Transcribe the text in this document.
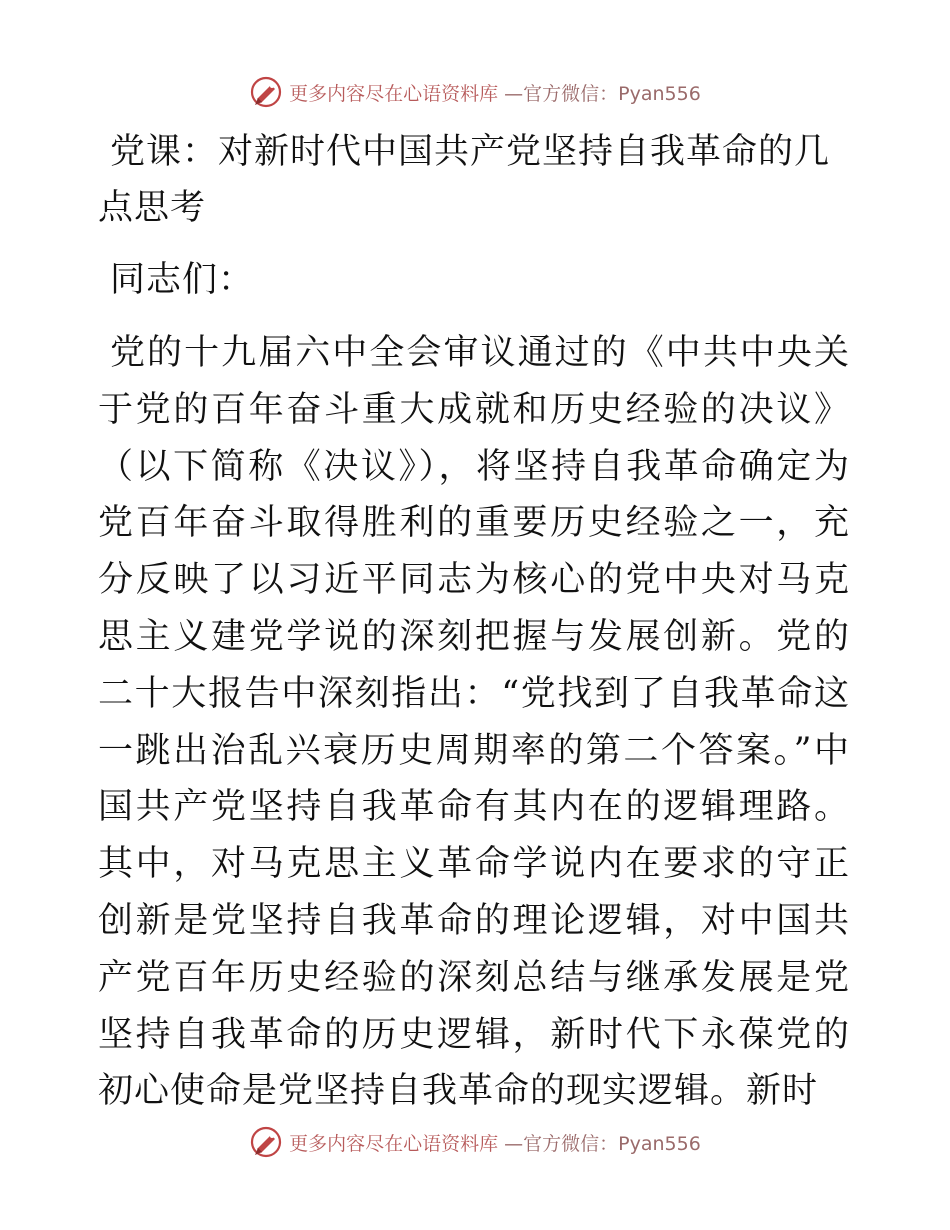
更多内容尽在心语资料库 —官方微信：Pyan556
党课：对新时代中国共产党坚持自我革命的几点思考
同志们：

党的十九届六中全会审议通过的《中共中央关于党的百年奋斗重大成就和历史经验的决议》（以下简称《决议》），将坚持自我革命确定为党百年奋斗取得胜利的重要历史经验之一，充分反映了以习近平同志为核心的党中央对马克思主义建党学说的深刻把握与发展创新。党的二十大报告中深刻指出：“党找到了自我革命这一跳出治乱兴衰历史周期率的第二个答案。”中国共产党坚持自我革命有其内在的逻辑理路。其中，对马克思主义革命学说内在要求的守正创新是党坚持自我革命的理论逻辑，对中国共产党百年历史经验的深刻总结与继承发展是党坚持自我革命的历史逻辑，新时代下永葆党的初心使命是党坚持自我革命的现实逻辑。新时

更多内容尽在心语资料库 —官方微信：Pyan556
